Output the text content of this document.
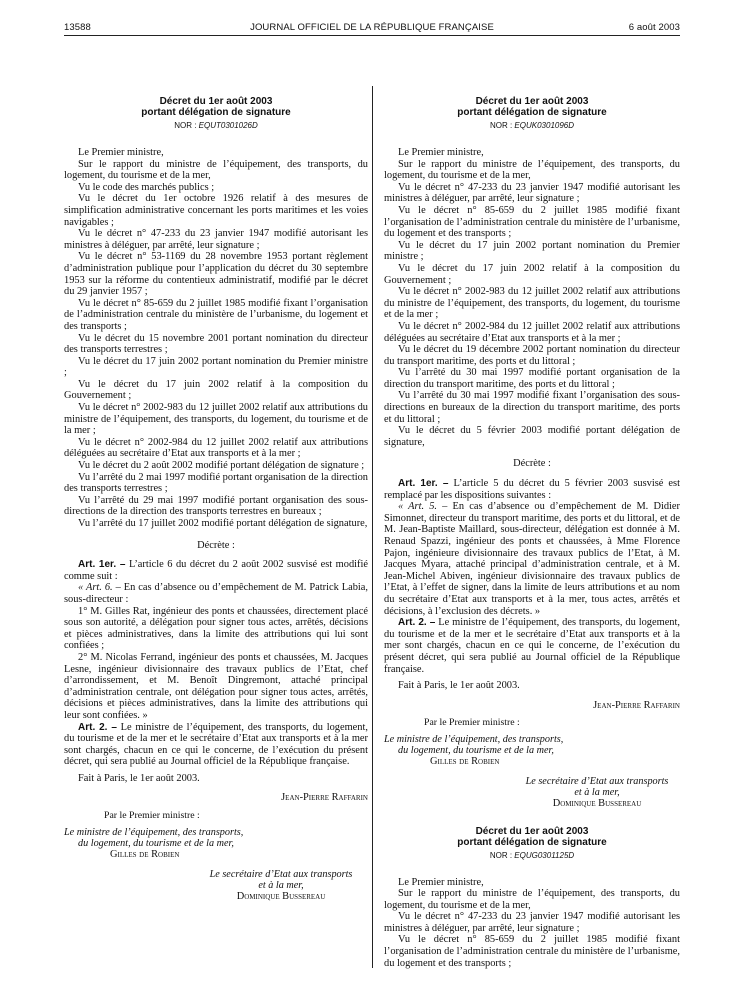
13588	JOURNAL OFFICIEL DE LA RÉPUBLIQUE FRANÇAISE	6 août 2003
Décret du 1er août 2003
portant délégation de signature
NOR : EQUT0301026D

Le Premier ministre,

Sur le rapport du ministre de l’équipement, des transports, du logement, du tourisme et de la mer,

Vu le code des marchés publics ;

Vu le décret du 1er octobre 1926 relatif à des mesures de simplification administrative concernant les ports maritimes et les voies navigables ;

Vu le décret n° 47-233 du 23 janvier 1947 modifié autorisant les ministres à déléguer, par arrêté, leur signature ;

Vu le décret n° 53-1169 du 28 novembre 1953 portant règlement d’administration publique pour l’application du décret du 30 septembre 1953 sur la réforme du contentieux administratif, modifié par le décret du 29 janvier 1957 ;

Vu le décret n° 85-659 du 2 juillet 1985 modifié fixant l’organisation de l’administration centrale du ministère de l’urbanisme, du logement et des transports ;

Vu le décret du 15 novembre 2001 portant nomination du directeur des transports terrestres ;

Vu le décret du 17 juin 2002 portant nomination du Premier ministre ;

Vu le décret du 17 juin 2002 relatif à la composition du Gouvernement ;

Vu le décret n° 2002-983 du 12 juillet 2002 relatif aux attributions du ministre de l’équipement, des transports, du logement, du tourisme et de la mer ;

Vu le décret n° 2002-984 du 12 juillet 2002 relatif aux attributions déléguées au secrétaire d’Etat aux transports et à la mer ;

Vu le décret du 2 août 2002 modifié portant délégation de signature ;

Vu l’arrêté du 2 mai 1997 modifié portant organisation de la direction des transports terrestres ;

Vu l’arrêté du 29 mai 1997 modifié portant organisation des sous-directions de la direction des transports terrestres en bureaux ;

Vu l’arrêté du 17 juillet 2002 modifié portant délégation de signature,

Décrète :

Art. 1er. – L’article 6 du décret du 2 août 2002 susvisé est modifié comme suit :

« Art. 6. – En cas d’absence ou d’empêchement de M. Patrick Labia, sous-directeur :

1° M. Gilles Rat, ingénieur des ponts et chaussées, directement placé sous son autorité, a délégation pour signer tous actes, arrêtés, décisions et pièces administratives, dans la limite des attributions qui lui sont confiées ;

2° M. Nicolas Ferrand, ingénieur des ponts et chaussées, M. Jacques Lesne, ingénieur divisionnaire des travaux publics de l’Etat, chef d’arrondissement, et M. Benoît Dingremont, attaché principal d’administration centrale, ont délégation pour signer tous actes, arrêtés, décisions et pièces administratives, dans la limite des attributions qui leur sont confiées. »

Art. 2. – Le ministre de l’équipement, des transports, du logement, du tourisme et de la mer et le secrétaire d’Etat aux transports et à la mer sont chargés, chacun en ce qui le concerne, de l’exécution du présent décret, qui sera publié au Journal officiel de la République française.

Fait à Paris, le 1er août 2003.

Jean-Pierre Raffarin
Par le Premier ministre :

Le ministre de l’équipement, des transports,

du logement, du tourisme et de la mer,

Gilles de Robien

Le secrétaire d’Etat aux transports

et à la mer,

Dominique Bussereau

Décret du 1er août 2003
portant délégation de signature
NOR : EQUK0301096D

Le Premier ministre,

Sur le rapport du ministre de l’équipement, des transports, du logement, du tourisme et de la mer,

Vu le décret n° 47-233 du 23 janvier 1947 modifié autorisant les ministres à déléguer, par arrêté, leur signature ;

Vu le décret n° 85-659 du 2 juillet 1985 modifié fixant l’organisation de l’administration centrale du ministère de l’urbanisme, du logement et des transports ;

Vu le décret du 17 juin 2002 portant nomination du Premier ministre ;

Vu le décret du 17 juin 2002 relatif à la composition du Gouvernement ;

Vu le décret n° 2002-983 du 12 juillet 2002 relatif aux attributions du ministre de l’équipement, des transports, du logement, du tourisme et de la mer ;

Vu le décret n° 2002-984 du 12 juillet 2002 relatif aux attributions déléguées au secrétaire d’Etat aux transports et à la mer ;

Vu le décret du 19 décembre 2002 portant nomination du directeur du transport maritime, des ports et du littoral ;

Vu l’arrêté du 30 mai 1997 modifié portant organisation de la direction du transport maritime, des ports et du littoral ;

Vu l’arrêté du 30 mai 1997 modifié fixant l’organisation des sous-directions en bureaux de la direction du transport maritime, des ports et du littoral ;

Vu le décret du 5 février 2003 modifié portant délégation de signature,

Décrète :

Art. 1er. – L’article 5 du décret du 5 février 2003 susvisé est remplacé par les dispositions suivantes :

« Art. 5. – En cas d’absence ou d’empêchement de M. Didier Simonnet, directeur du transport maritime, des ports et du littoral, et de M. Jean-Baptiste Maillard, sous-directeur, délégation est donnée à M. Renaud Spazzi, ingénieur des ponts et chaussées, à Mme Florence Pajon, ingénieure divisionnaire des travaux publics de l’Etat, à M. Jacques Myara, attaché principal d’administration centrale, et à M. Jean-Michel Abiven, ingénieur divisionnaire des travaux publics de l’Etat, à l’effet de signer, dans la limite de leurs attributions et au nom du secrétaire d’Etat aux transports et à la mer, tous actes, arrêtés et décisions, à l’exclusion des décrets. »

Art. 2. – Le ministre de l’équipement, des transports, du logement, du tourisme et de la mer et le secrétaire d’Etat aux transports et à la mer sont chargés, chacun en ce qui le concerne, de l’exécution du présent décret, qui sera publié au Journal officiel de la République française.

Fait à Paris, le 1er août 2003.

Jean-Pierre Raffarin
Par le Premier ministre :

Le ministre de l’équipement, des transports,

du logement, du tourisme et de la mer,

Gilles de Robien

Le secrétaire d’Etat aux transports

et à la mer,

Dominique Bussereau

Décret du 1er août 2003
portant délégation de signature
NOR : EQUG0301125D

Le Premier ministre,

Sur le rapport du ministre de l’équipement, des transports, du logement, du tourisme et de la mer,

Vu le décret n° 47-233 du 23 janvier 1947 modifié autorisant les ministres à déléguer, par arrêté, leur signature ;

Vu le décret n° 85-659 du 2 juillet 1985 modifié fixant l’organisation de l’administration centrale du ministère de l’urbanisme, du logement et des transports ;
